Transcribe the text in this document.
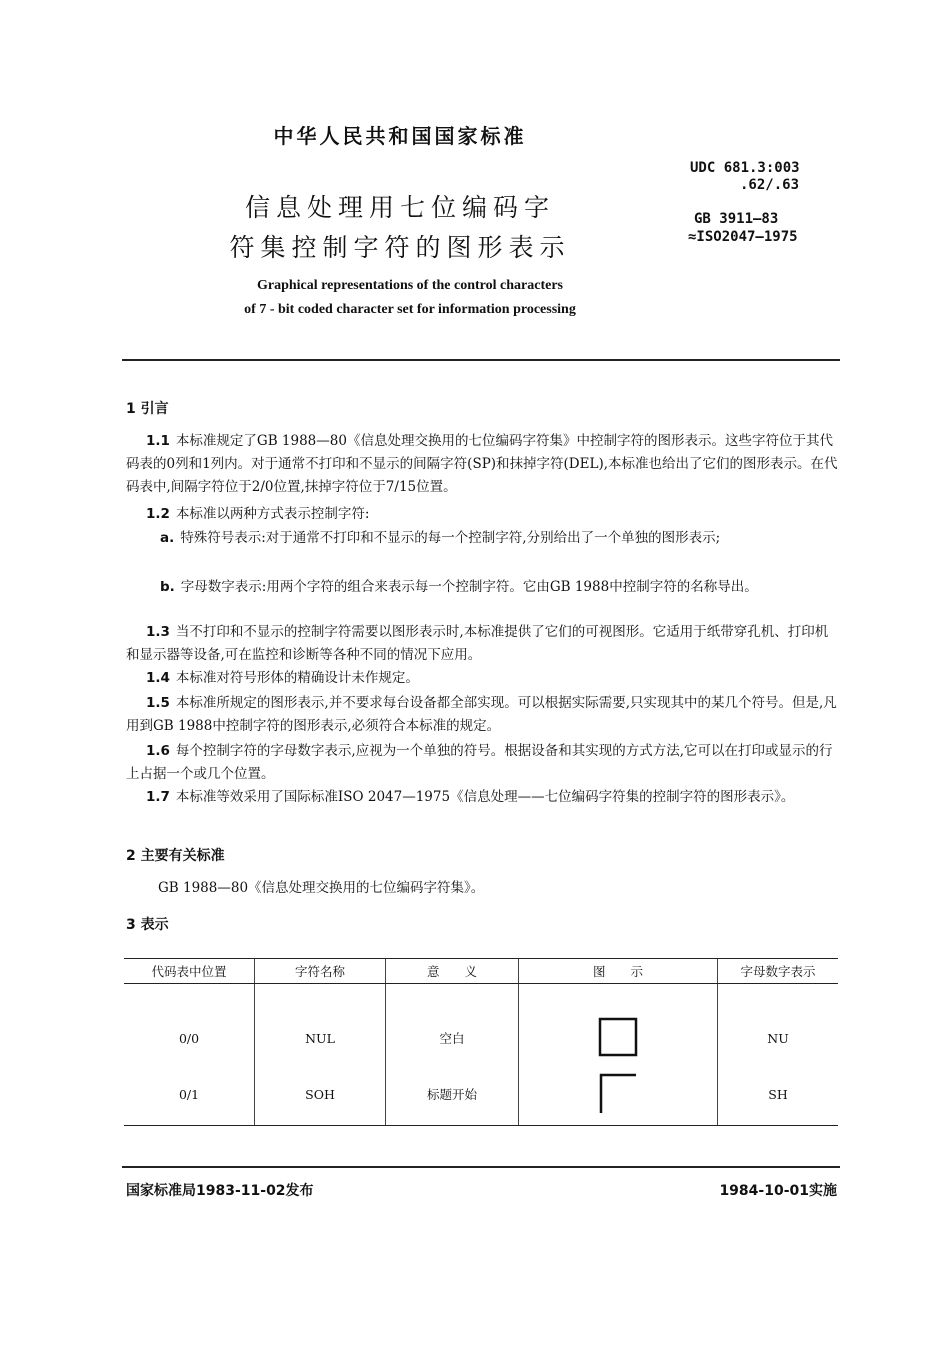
中华人民共和国国家标准
UDC 681.3:003
.62/.63
GB 3911—83
≈ISO2047—1975
信息处理用七位编码字
符集控制字符的图形表示
Graphical representations of the control characters
of 7 - bit coded character set for information processing
1 引言
1.1 本标准规定了GB 1988—80《信息处理交换用的七位编码字符集》中控制字符的图形表示。这些字符位于其代码表的0列和1列内。对于通常不打印和不显示的间隔字符(SP)和抹掉字符(DEL),本标准也给出了它们的图形表示。在代码表中,间隔字符位于2/0位置,抹掉字符位于7/15位置。
1.2 本标准以两种方式表示控制字符:
a. 特殊符号表示:对于通常不打印和不显示的每一个控制字符,分别给出了一个单独的图形表示;
b. 字母数字表示:用两个字符的组合来表示每一个控制字符。它由GB 1988中控制字符的名称导出。
1.3 当不打印和不显示的控制字符需要以图形表示时,本标准提供了它们的可视图形。它适用于纸带穿孔机、打印机和显示器等设备,可在监控和诊断等各种不同的情况下应用。
1.4 本标准对符号形体的精确设计未作规定。
1.5 本标准所规定的图形表示,并不要求每台设备都全部实现。可以根据实际需要,只实现其中的某几个符号。但是,凡用到GB 1988中控制字符的图形表示,必须符合本标准的规定。
1.6 每个控制字符的字母数字表示,应视为一个单独的符号。根据设备和其实现的方式方法,它可以在打印或显示的行上占据一个或几个位置。
1.7 本标准等效采用了国际标准ISO 2047—1975《信息处理——七位编码字符集的控制字符的图形表示》。
2 主要有关标准
GB 1988—80《信息处理交换用的七位编码字符集》。
3 表示
代码表中位置	字符名称	意　　义	图　　示	字母数字表示
0/0	NUL	空白		NU
0/1	SOH	标题开始		SH
国家标准局1983-11-02发布	1984-10-01实施
